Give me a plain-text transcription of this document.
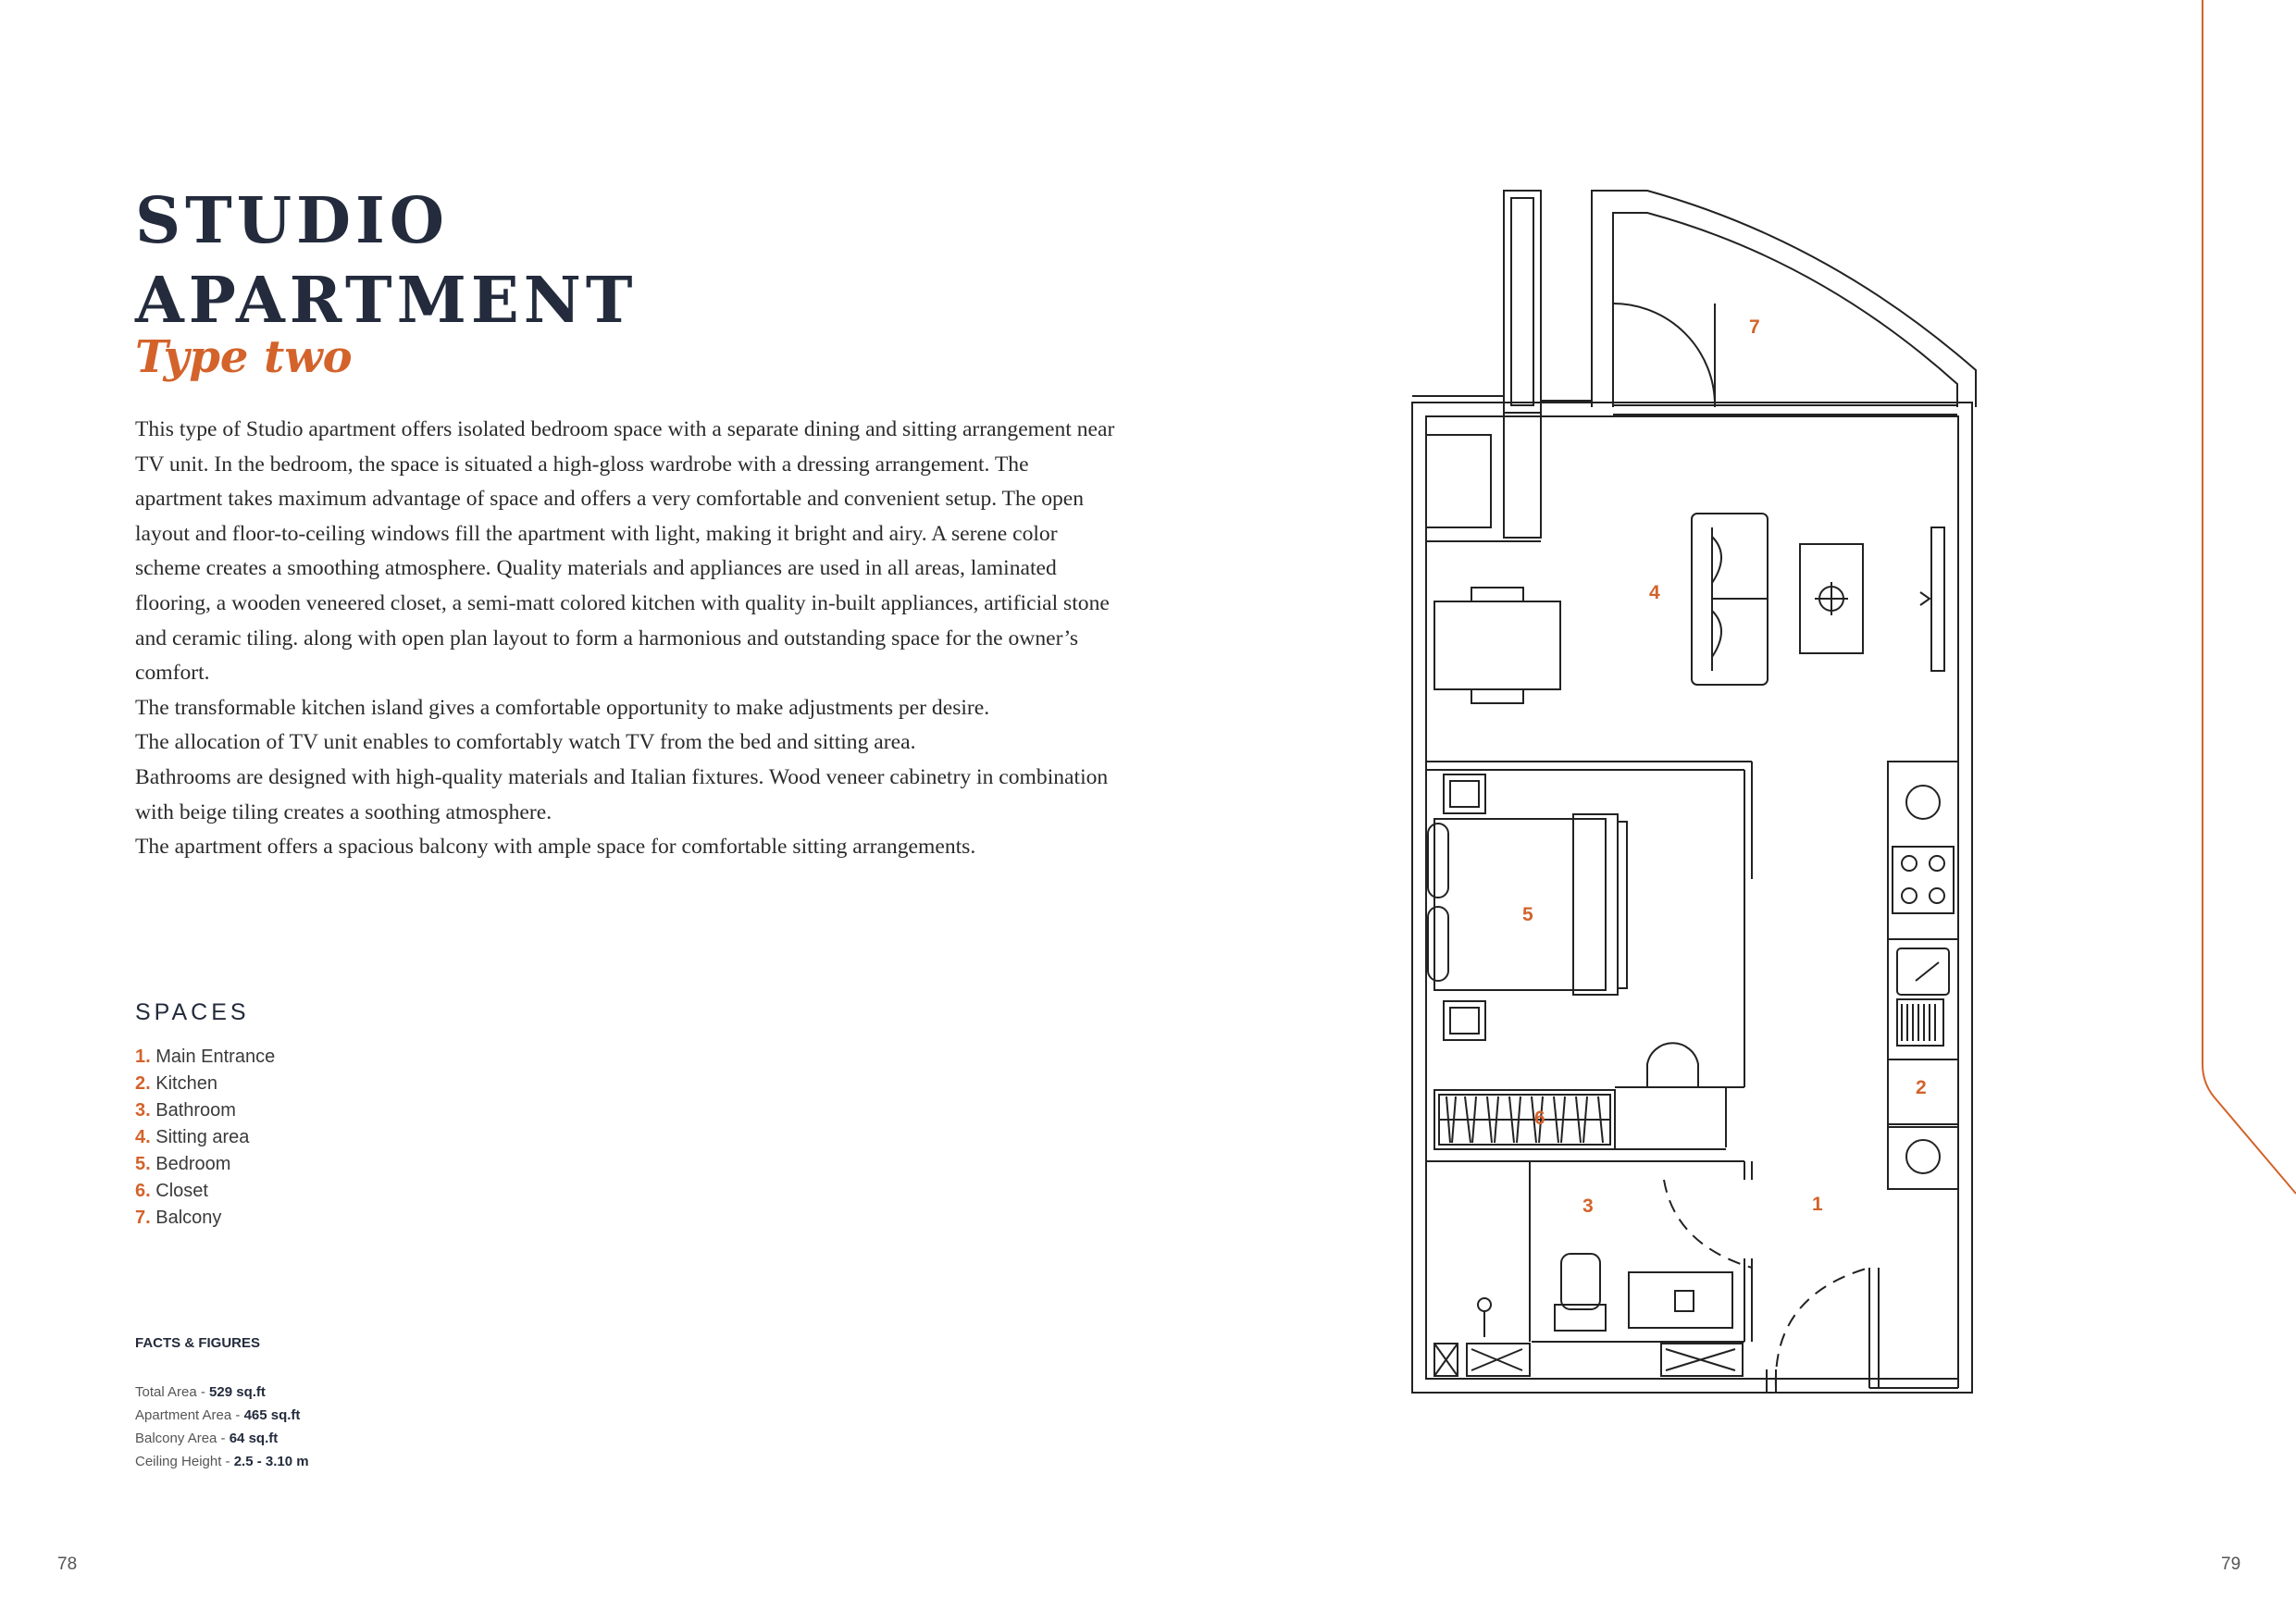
STUDIO
APARTMENT
Type two

This type of Studio apartment offers isolated bedroom space with a separate dining and sitting arrangement near TV unit. In the bedroom, the space is situated a high-gloss wardrobe with a dressing arrangement. The apartment takes maximum advantage of space and offers a very comfortable and convenient setup. The open layout and floor-to-ceiling windows fill the apartment with light, making it bright and airy. A serene color scheme creates a smoothing atmosphere. Quality materials and appliances are used in all areas, laminated flooring, a wooden veneered closet, a semi-matt colored kitchen with quality in-built appliances, artificial stone and ceramic tiling. along with open plan layout to form a harmonious and outstanding space for the owner’s comfort.

The transformable kitchen island gives a comfortable opportunity to make adjustments per desire.

The allocation of TV unit enables to comfortably watch TV from the bed and sitting area.

Bathrooms are designed with high-quality materials and Italian fixtures. Wood veneer cabinetry in combination with beige tiling creates a soothing atmosphere.

The apartment offers a spacious balcony with ample space for comfortable sitting arrangements.

SPACES
1. Main Entrance
2. Kitchen
3. Bathroom
4. Sitting area
5. Bedroom
6. Closet
7. Balcony
FACTS & FIGURES
Total Area - 529 sq.ft
Apartment Area - 465 sq.ft
Balcony Area - 64 sq.ft
Ceiling Height - 2.5 - 3.10 m
78	79
1
2
3
4
5
6
7
